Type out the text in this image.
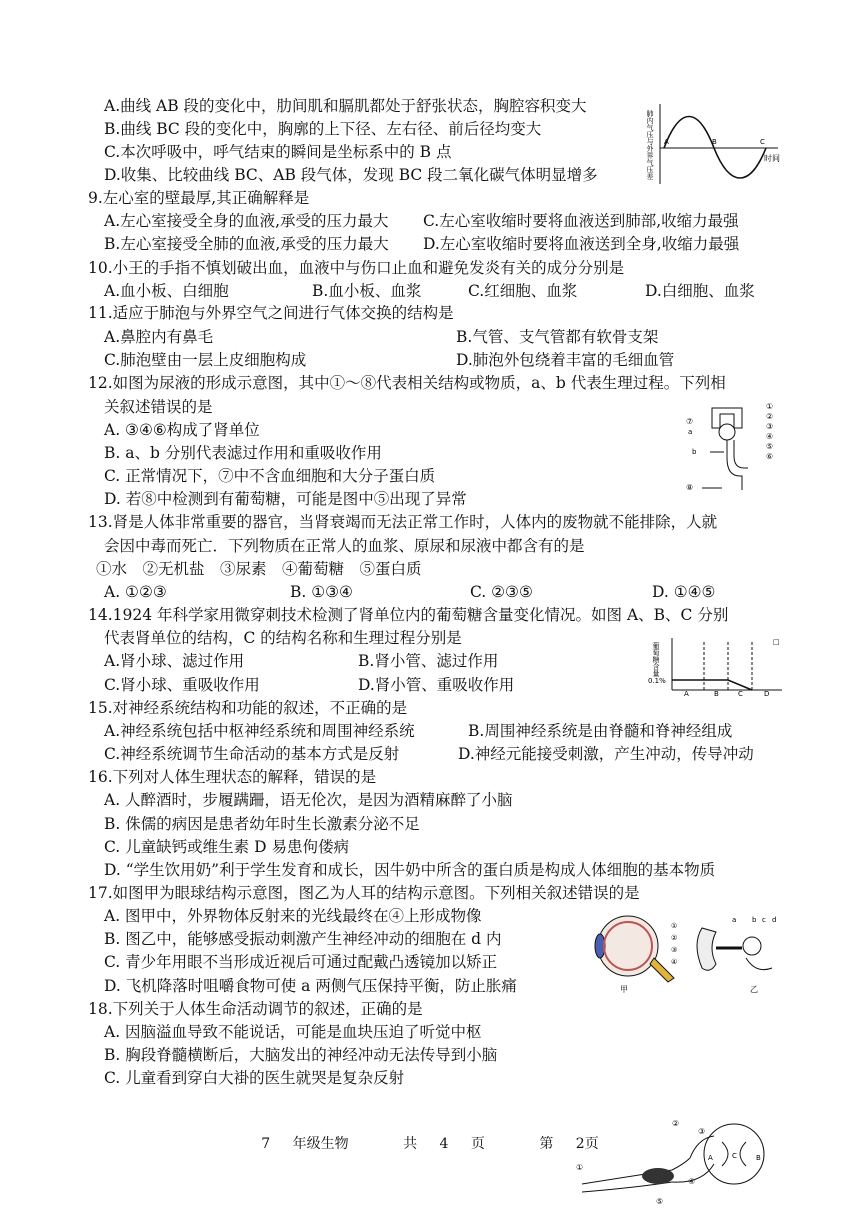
A.曲线 AB 段的变化中，肋间肌和膈肌都处于舒张状态，胸腔容积变大
B.曲线 BC 段的变化中，胸廓的上下径、左右径、前后径均变大
C.本次呼吸中，呼气结束的瞬间是坐标系中的 B 点
D.收集、比较曲线 BC、AB 段气体，发现 BC 段二氧化碳气体明显增多	肺内气压与外界气压差	时间
A	B	C
9.左心室的壁最厚,其正确解释是
A.左心室接受全身的血液,承受的压力最大 C.左心室收缩时要将血液送到肺部,收缩力最强
B.左心室接受全肺的血液,承受的压力最大 D.左心室收缩时要将血液送到全身,收缩力最强
10.小王的手指不慎划破出血，血液中与伤口止血和避免发炎有关的成分分别是
A.血小板、白细胞	B.血小板、血浆	C.红细胞、血浆	D.白细胞、血浆
11.适应于肺泡与外界空气之间进行气体交换的结构是
A.鼻腔内有鼻毛	B.气管、支气管都有软骨支架
C.肺泡壁由一层上皮细胞构成	D.肺泡外包绕着丰富的毛细血管
12.如图为尿液的形成示意图，其中①～⑧代表相关结构或物质，a、b 代表生理过程。下列相
关叙述错误的是
A. ③④⑥构成了肾单位
B. a、b 分别代表滤过作用和重吸收作用
C. 正常情况下，⑦中不含血细胞和大分子蛋白质
D. 若⑧中检测到有葡萄糖，可能是图中⑤出现了异常
①
②
③
④
⑤
⑥
⑦
⑧
a
b
13.肾是人体非常重要的器官，当肾衰竭而无法正常工作时，人体内的废物就不能排除，人就
会因中毒而死亡．下列物质在正常人的血浆、原尿和尿液中都含有的是
①水　②无机盐　③尿素　④葡萄糖　⑤蛋白质
A. ①②③	B. ①③④	C. ②③⑤	D. ①④⑤
14.1924 年科学家用微穿刺技术检测了肾单位内的葡萄糖含量变化情况。如图 A、B、C 分别
代表肾单位的结构，C 的结构名称和生理过程分别是
A.肾小球、滤过作用	B.肾小管、滤过作用
C.肾小球、重吸收作用	D.肾小管、重吸收作用
葡萄糖含量
0.1%
A	B	C	D
□
15.对神经系统结构和功能的叙述，不正确的是
A.神经系统包括中枢神经系统和周围神经系统	B.周围神经系统是由脊髓和脊神经组成
C.神经系统调节生命活动的基本方式是反射	D.神经元能接受刺激，产生冲动，传导冲动
16.下列对人体生理状态的解释，错误的是
A. 人醉酒时，步履蹒跚，语无伦次，是因为酒精麻醉了小脑
B. 侏儒的病因是患者幼年时生长激素分泌不足
C. 儿童缺钙或维生素 D 易患佝偻病
D. “学生饮用奶”利于学生发育和成长，因牛奶中所含的蛋白质是构成人体细胞的基本物质
17.如图甲为眼球结构示意图，图乙为人耳的结构示意图。下列相关叙述错误的是
A. 图甲中，外界物体反射来的光线最终在④上形成物像
B. 图乙中，能够感受振动刺激产生神经冲动的细胞在 d 内
C. 青少年用眼不当形成近视后可通过配戴凸透镜加以矫正
D. 飞机降落时咀嚼食物可使 a 两侧气压保持平衡，防止胀痛
①
②
③
④
a b c d
甲	乙
18.下列关于人体生命活动调节的叙述，正确的是
A. 因脑溢血导致不能说话，可能是血块压迫了听觉中枢
B. 胸段脊髓横断后，大脑发出的神经冲动无法传导到小脑
C. 儿童看到穿白大褂的医生就哭是复杂反射
7 年级生物	共 4 页	第 2页
①
②
③
④
⑤
A	B
C
